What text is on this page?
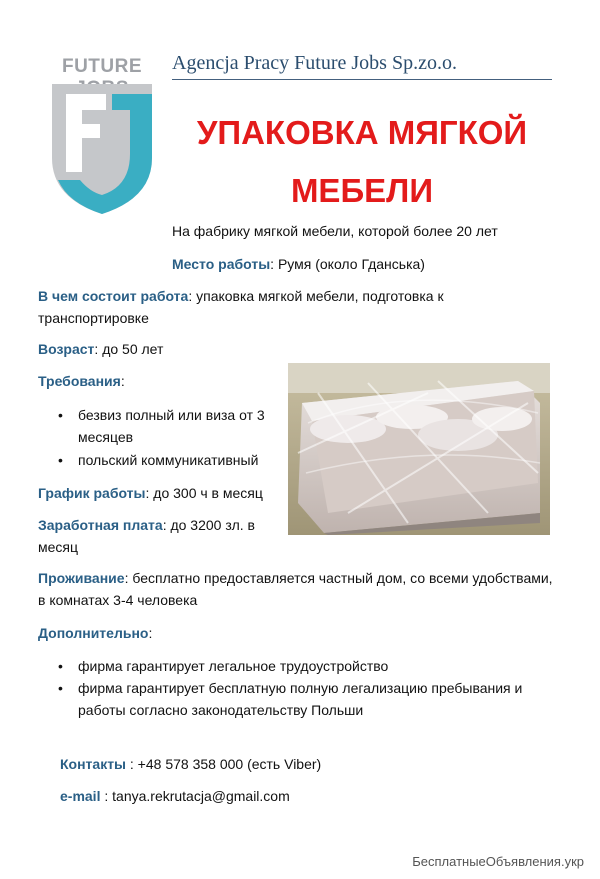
FUTURE	Agencja Pracy Future Jobs Sp.zo.o.
УПАКОВКА МЯГКОЙ
МЕБЕЛИ
На фабрику мягкой мебели, которой более 20 лет
Место работы: Румя (около Гданська)
В чем состоит работа: упаковка мягкой мебели, подготовка к
транспортировке
Возраст: до 50 лет
Требования:
• безвиз полный или виза от 3
месяцев
• польский коммуникативный
График работы: до 300 ч в месяц
Заработная плата: до 3200 зл. в
месяц
Проживание: бесплатно предоставляется частный дом, со всеми удобствами,
в комнатах 3-4 человека
Дополнительно:
• фирма гарантирует легальное трудоустройство
• фирма гарантирует бесплатную полную легализацию пребывания и
работы согласно законодательству Польши
Контакты : +48 578 358 000 (есть Viber)
e-mail : tanya.rekrutacja@gmail.com
БесплатныеОбъявления.укр
